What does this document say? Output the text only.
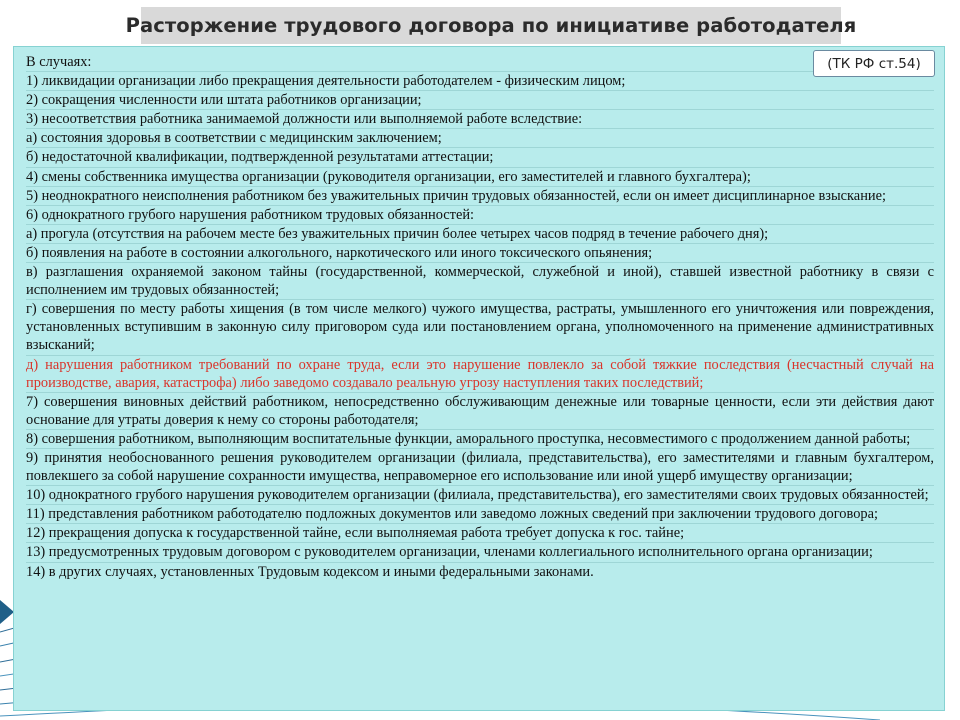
Расторжение трудового договора по инициативе работодателя
(ТК РФ ст.54)

В случаях:

1) ликвидации организации либо прекращения деятельности работодателем - физическим лицом;

2) сокращения численности или штата работников организации;

3) несоответствия работника занимаемой должности или выполняемой работе вследствие:

а) состояния здоровья в соответствии с медицинским заключением;

б) недостаточной квалификации, подтвержденной результатами аттестации;

4) смены собственника имущества организации (руководителя организации, его заместителей и главного бухгалтера);

5) неоднократного неисполнения работником без уважительных причин трудовых обязанностей, если он имеет дисциплинарное взыскание;

6) однократного грубого нарушения работником трудовых обязанностей:

а) прогула (отсутствия на рабочем месте без уважительных причин более четырех часов подряд в течение рабочего дня);

б) появления на работе в состоянии алкогольного, наркотического или иного токсического опьянения;

в) разглашения охраняемой законом тайны (государственной, коммерческой, служебной и иной), ставшей известной работнику в связи с исполнением им трудовых обязанностей;

г) совершения по месту работы хищения (в том числе мелкого) чужого имущества, растраты, умышленного его уничтожения или повреждения, установленных вступившим в законную силу приговором суда или постановлением органа, уполномоченного на применение административных взысканий;

д) нарушения работником требований по охране труда, если это нарушение повлекло за собой тяжкие последствия (несчастный случай на производстве, авария, катастрофа) либо заведомо создавало реальную угрозу наступления таких последствий;

7) совершения виновных действий работником, непосредственно обслуживающим денежные или товарные ценности, если эти действия дают основание для утраты доверия к нему со стороны работодателя;

8) совершения работником, выполняющим воспитательные функции, аморального проступка, несовместимого с продолжением данной работы;

9) принятия необоснованного решения руководителем организации (филиала, представительства), его заместителями и главным бухгалтером, повлекшего за собой нарушение сохранности имущества, неправомерное его использование или иной ущерб имуществу организации;

10) однократного грубого нарушения руководителем организации (филиала, представительства), его заместителями своих трудовых обязанностей;

11) представления работником работодателю подложных документов или заведомо ложных сведений при заключении трудового договора;

12) прекращения допуска к государственной тайне, если выполняемая работа требует допуска к гос. тайне;

13) предусмотренных трудовым договором с руководителем организации, членами коллегиального исполнительного органа организации;

14) в других случаях, установленных Трудовым кодексом и иными федеральными законами.
